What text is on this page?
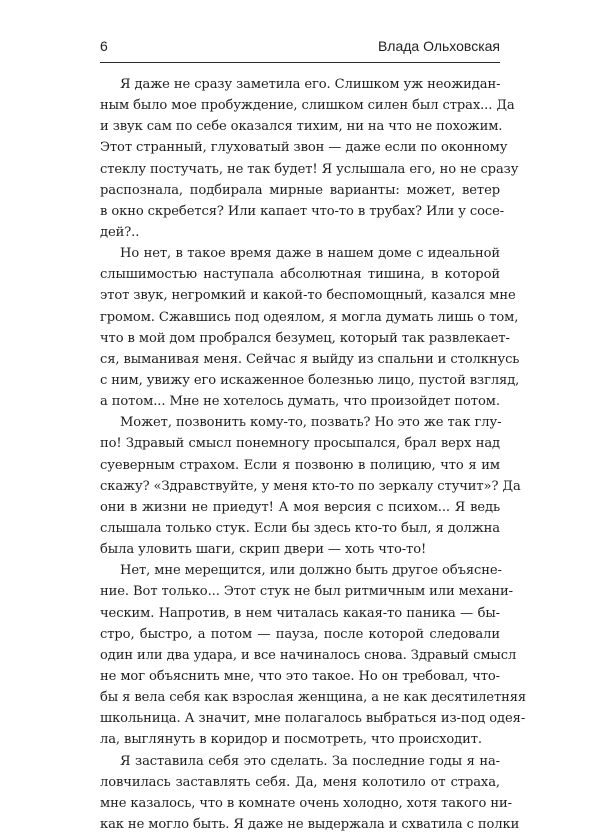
6	Влада Ольховская
Я даже не сразу заметила его. Слишком уж неожидан-
ным было мое пробуждение, слишком силен был страх... Да
и звук сам по себе оказался тихим, ни на что не похожим.
Этот странный, глуховатый звон — даже если по оконному
стеклу постучать, не так будет! Я услышала его, но не сразу
распознала, подбирала мирные варианты: может, ветер
в окно скребется? Или капает что-то в трубах? Или у сосе-
дей?..
Но нет, в такое время даже в нашем доме с идеальной
слышимостью наступала абсолютная тишина, в которой
этот звук, негромкий и какой-то беспомощный, казался мне
громом. Сжавшись под одеялом, я могла думать лишь о том,
что в мой дом пробрался безумец, который так развлекает-
ся, выманивая меня. Сейчас я выйду из спальни и столкнусь
с ним, увижу его искаженное болезнью лицо, пустой взгляд,
а потом... Мне не хотелось думать, что произойдет потом.
Может, позвонить кому-то, позвать? Но это же так глу-
по! Здравый смысл понемногу просыпался, брал верх над
суеверным страхом. Если я позвоню в полицию, что я им
скажу? «Здравствуйте, у меня кто-то по зеркалу стучит»? Да
они в жизни не приедут! А моя версия с психом... Я ведь
слышала только стук. Если бы здесь кто-то был, я должна
была уловить шаги, скрип двери — хоть что-то!
Нет, мне мерещится, или должно быть другое объясне-
ние. Вот только... Этот стук не был ритмичным или механи-
ческим. Напротив, в нем читалась какая-то паника — бы-
стро, быстро, а потом — пауза, после которой следовали
один или два удара, и все начиналось снова. Здравый смысл
не мог объяснить мне, что это такое. Но он требовал, что-
бы я вела себя как взрослая женщина, а не как десятилетняя
школьница. А значит, мне полагалось выбраться из-под одея-
ла, выглянуть в коридор и посмотреть, что происходит.
Я заставила себя это сделать. За последние годы я на-
ловчилась заставлять себя. Да, меня колотило от страха,
мне казалось, что в комнате очень холодно, хотя такого ни-
как не могло быть. Я даже не выдержала и схватила с полки
